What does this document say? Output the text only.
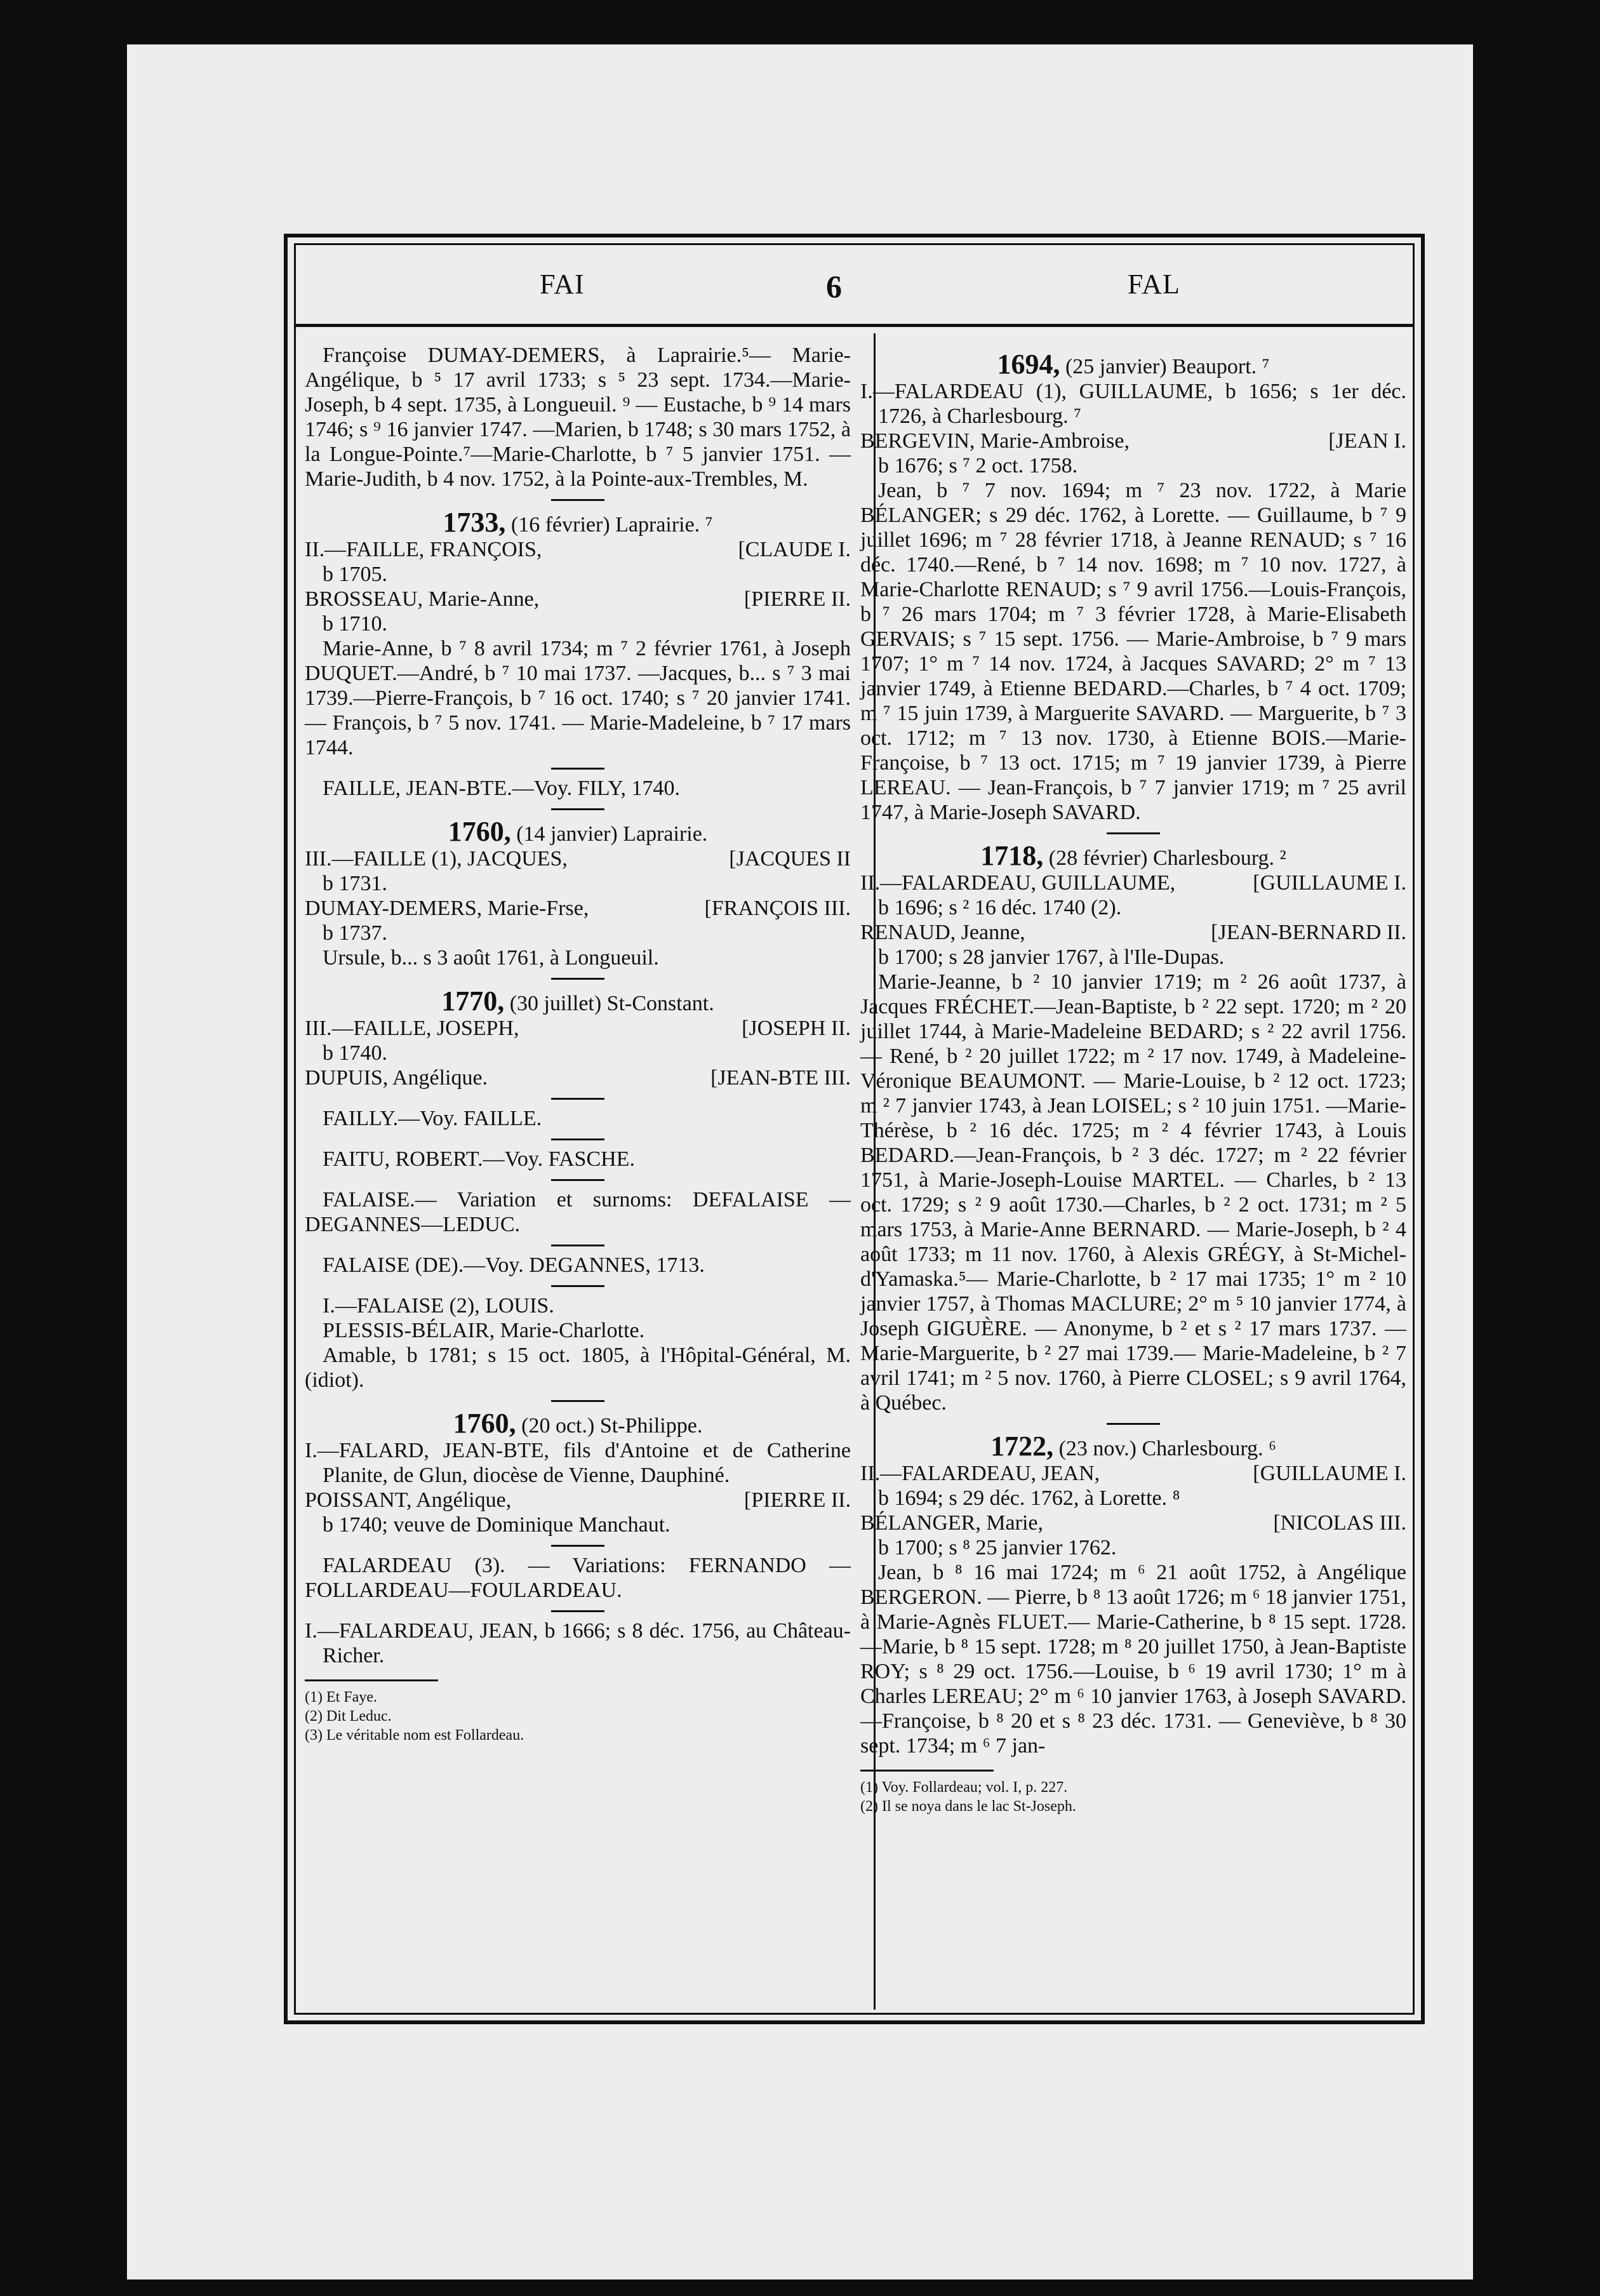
FAI	6	FAL

Françoise DUMAY-DEMERS, à Laprairie.⁵— Marie-Angélique, b ⁵ 17 avril 1733; s ⁵ 23 sept. 1734.—Marie-Joseph, b 4 sept. 1735, à Longueuil. ⁹ — Eustache, b ⁹ 14 mars 1746; s ⁹ 16 janvier 1747. —Marien, b 1748; s 30 mars 1752, à la Longue-Pointe.⁷—Marie-Charlotte, b ⁷ 5 janvier 1751. — Marie-Judith, b 4 nov. 1752, à la Pointe-aux-Trembles, M.

1733, (16 février) Laprairie. ⁷

II.—FAILLE, FRANÇOIS,	[CLAUDE I.

b 1705.

BROSSEAU, Marie-Anne,	[PIERRE II.

b 1710.

Marie-Anne, b ⁷ 8 avril 1734; m ⁷ 2 février 1761, à Joseph DUQUET.—André, b ⁷ 10 mai 1737. —Jacques, b... s ⁷ 3 mai 1739.—Pierre-François, b ⁷ 16 oct. 1740; s ⁷ 20 janvier 1741.— François, b ⁷ 5 nov. 1741. — Marie-Madeleine, b ⁷ 17 mars 1744.

FAILLE, JEAN-BTE.—Voy. FILY, 1740.

1760, (14 janvier) Laprairie.

III.—FAILLE (1), JACQUES,	[JACQUES II

b 1731.

DUMAY-DEMERS, Marie-Frse,	[FRANÇOIS III.

b 1737.

Ursule, b... s 3 août 1761, à Longueuil.

1770, (30 juillet) St-Constant.

III.—FAILLE, JOSEPH,	[JOSEPH II.

b 1740.

DUPUIS, Angélique.	[JEAN-BTE III.

FAILLY.—Voy. FAILLE.

FAITU, ROBERT.—Voy. FASCHE.

FALAISE.— Variation et surnoms: DEFALAISE —DEGANNES—LEDUC.

FALAISE (DE).—Voy. DEGANNES, 1713.

I.—FALAISE (2), LOUIS.

PLESSIS-BÉLAIR, Marie-Charlotte.

Amable, b 1781; s 15 oct. 1805, à l'Hôpital-Général, M. (idiot).

1760, (20 oct.) St-Philippe.

I.—FALARD, JEAN-BTE, fils d'Antoine et de Catherine Planite, de Glun, diocèse de Vienne, Dauphiné.

POISSANT, Angélique,	[PIERRE II.

b 1740; veuve de Dominique Manchaut.

FALARDEAU (3). — Variations: FERNANDO — FOLLARDEAU—FOULARDEAU.

I.—FALARDEAU, JEAN, b 1666; s 8 déc. 1756, au Château-Richer.

(1) Et Faye.

(2) Dit Leduc.

(3) Le véritable nom est Follardeau.

1694, (25 janvier) Beauport. ⁷

I.—FALARDEAU (1), GUILLAUME, b 1656; s 1er déc. 1726, à Charlesbourg. ⁷

BERGEVIN, Marie-Ambroise,	[JEAN I.

b 1676; s ⁷ 2 oct. 1758.

Jean, b ⁷ 7 nov. 1694; m ⁷ 23 nov. 1722, à Marie BÉLANGER; s 29 déc. 1762, à Lorette. — Guillaume, b ⁷ 9 juillet 1696; m ⁷ 28 février 1718, à Jeanne RENAUD; s ⁷ 16 déc. 1740.—René, b ⁷ 14 nov. 1698; m ⁷ 10 nov. 1727, à Marie-Charlotte RENAUD; s ⁷ 9 avril 1756.—Louis-François, b ⁷ 26 mars 1704; m ⁷ 3 février 1728, à Marie-Elisabeth GERVAIS; s ⁷ 15 sept. 1756. — Marie-Ambroise, b ⁷ 9 mars 1707; 1° m ⁷ 14 nov. 1724, à Jacques SAVARD; 2° m ⁷ 13 janvier 1749, à Etienne BEDARD.—Charles, b ⁷ 4 oct. 1709; m ⁷ 15 juin 1739, à Marguerite SAVARD. — Marguerite, b ⁷ 3 oct. 1712; m ⁷ 13 nov. 1730, à Etienne BOIS.—Marie-Françoise, b ⁷ 13 oct. 1715; m ⁷ 19 janvier 1739, à Pierre LEREAU. — Jean-François, b ⁷ 7 janvier 1719; m ⁷ 25 avril 1747, à Marie-Joseph SAVARD.

1718, (28 février) Charlesbourg. ²

II.—FALARDEAU, GUILLAUME,	[GUILLAUME I.

b 1696; s ² 16 déc. 1740 (2).

RENAUD, Jeanne,	[JEAN-BERNARD II.

b 1700; s 28 janvier 1767, à l'Ile-Dupas.

Marie-Jeanne, b ² 10 janvier 1719; m ² 26 août 1737, à Jacques FRÉCHET.—Jean-Baptiste, b ² 22 sept. 1720; m ² 20 juillet 1744, à Marie-Madeleine BEDARD; s ² 22 avril 1756. — René, b ² 20 juillet 1722; m ² 17 nov. 1749, à Madeleine-Véronique BEAUMONT. — Marie-Louise, b ² 12 oct. 1723; m ² 7 janvier 1743, à Jean LOISEL; s ² 10 juin 1751. —Marie-Thérèse, b ² 16 déc. 1725; m ² 4 février 1743, à Louis BEDARD.—Jean-François, b ² 3 déc. 1727; m ² 22 février 1751, à Marie-Joseph-Louise MARTEL. — Charles, b ² 13 oct. 1729; s ² 9 août 1730.—Charles, b ² 2 oct. 1731; m ² 5 mars 1753, à Marie-Anne BERNARD. — Marie-Joseph, b ² 4 août 1733; m 11 nov. 1760, à Alexis GRÉGY, à St-Michel-d'Yamaska.⁵— Marie-Charlotte, b ² 17 mai 1735; 1° m ² 10 janvier 1757, à Thomas MACLURE; 2° m ⁵ 10 janvier 1774, à Joseph GIGUÈRE. — Anonyme, b ² et s ² 17 mars 1737. — Marie-Marguerite, b ² 27 mai 1739.— Marie-Madeleine, b ² 7 avril 1741; m ² 5 nov. 1760, à Pierre CLOSEL; s 9 avril 1764, à Québec.

1722, (23 nov.) Charlesbourg. ⁶

II.—FALARDEAU, JEAN,	[GUILLAUME I.

b 1694; s 29 déc. 1762, à Lorette. ⁸

BÉLANGER, Marie,	[NICOLAS III.

b 1700; s ⁸ 25 janvier 1762.

Jean, b ⁸ 16 mai 1724; m ⁶ 21 août 1752, à Angélique BERGERON. — Pierre, b ⁸ 13 août 1726; m ⁶ 18 janvier 1751, à Marie-Agnès FLUET.— Marie-Catherine, b ⁸ 15 sept. 1728.—Marie, b ⁸ 15 sept. 1728; m ⁸ 20 juillet 1750, à Jean-Baptiste ROY; s ⁸ 29 oct. 1756.—Louise, b ⁶ 19 avril 1730; 1° m à Charles LEREAU; 2° m ⁶ 10 janvier 1763, à Joseph SAVARD.—Françoise, b ⁸ 20 et s ⁸ 23 déc. 1731. — Geneviève, b ⁸ 30 sept. 1734; m ⁶ 7 jan-

(1) Voy. Follardeau; vol. I, p. 227.

(2) Il se noya dans le lac St-Joseph.
